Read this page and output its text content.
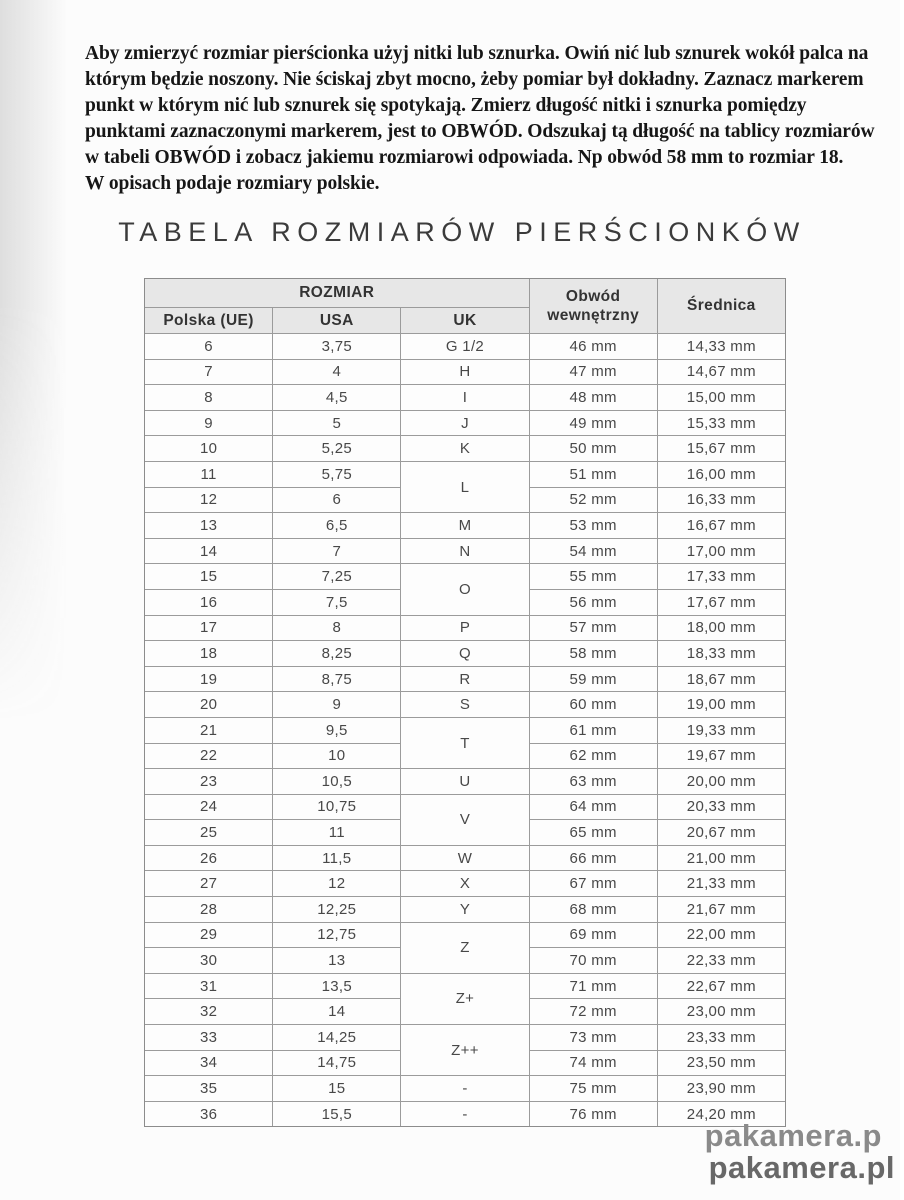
Aby zmierzyć rozmiar pierścionka użyj nitki lub sznurka. Owiń nić lub sznurek wokół palca na
którym będzie noszony. Nie ściskaj zbyt mocno, żeby pomiar był dokładny. Zaznacz markerem
punkt w którym nić lub sznurek się spotykają. Zmierz długość nitki i sznurka pomiędzy
punktami zaznaczonymi markerem, jest to OBWÓD. Odszukaj tą długość na tablicy rozmiarów
w tabeli OBWÓD i zobacz jakiemu rozmiarowi odpowiada. Np obwód 58 mm to rozmiar 18.
W opisach podaje rozmiary polskie.
TABELA ROZMIARÓW PIERŚCIONKÓW
ROZMIAR			Obwód wewnętrzny	Średnica
Polska (UE)	USA	UK		
6	3,75	G 1/2	46 mm	14,33 mm
7	4	H	47 mm	14,67 mm
8	4,5	I	48 mm	15,00 mm
9	5	J	49 mm	15,33 mm
10	5,25	K	50 mm	15,67 mm
11	5,75	L	51 mm	16,00 mm
12	6		52 mm	16,33 mm
13	6,5	M	53 mm	16,67 mm
14	7	N	54 mm	17,00 mm
15	7,25	O	55 mm	17,33 mm
16	7,5		56 mm	17,67 mm
17	8	P	57 mm	18,00 mm
18	8,25	Q	58 mm	18,33 mm
19	8,75	R	59 mm	18,67 mm
20	9	S	60 mm	19,00 mm
21	9,5	T	61 mm	19,33 mm
22	10		62 mm	19,67 mm
23	10,5	U	63 mm	20,00 mm
24	10,75	V	64 mm	20,33 mm
25	11		65 mm	20,67 mm
26	11,5	W	66 mm	21,00 mm
27	12	X	67 mm	21,33 mm
28	12,25	Y	68 mm	21,67 mm
29	12,75	Z	69 mm	22,00 mm
30	13		70 mm	22,33 mm
31	13,5	Z+	71 mm	22,67 mm
32	14		72 mm	23,00 mm
33	14,25	Z++	73 mm	23,33 mm
34	14,75		74 mm	23,50 mm
35	15	-	75 mm	23,90 mm
36	15,5	-	76 mm	24,20 mm
pakamera.p
pakamera.pl
